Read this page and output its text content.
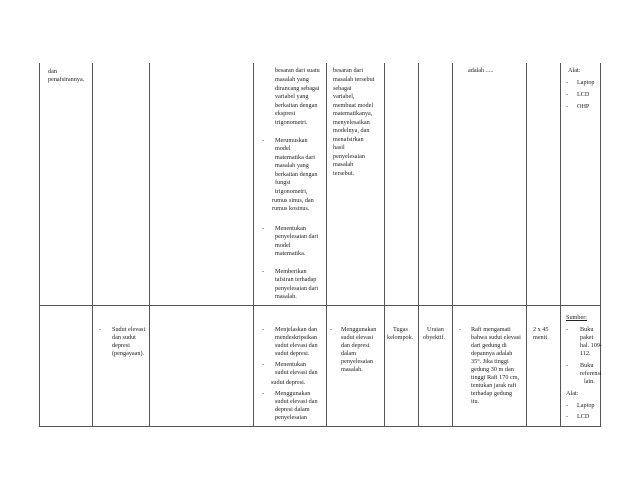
dan
penafsirannya.
besaran dari suatu
masalah yang
dirancang sebagai
variabel yang
berkaitan dengan
ekspresi
trigonometri.
- Merumuskan
model
matematika dari
masalah yang
berkaitan dengan
fungsi
trigonometri,
rumus sinus, dan
rumus kosinus.
- Menentukan
penyelesaian dari
model
matematika.
- Memberikan
tafsiran terhadap
penyelesaian dari
masalah.
besaran dari
masalah tersebut
sebagai
variabel,
membuat model
matematikanya,
menyelesaikan
modelnya, dan
menafsirkan
hasil
penyelesaian
masalah
tersebut.
adalah .....	Alat:
- Laptop
- LCD
- OHP
- Sudut elevasi
dan sudut
depresi
(pengayaan).
- Menjelaskan dan
mendeskripsikan
sudut elevasi dan
sudut depresi.
- Menentukan
sudut elevasi dan
sudut depresi.
- Menggunakan
sudut elevasi dan
depresi dalam
penyelesaian
- Menggunakan
sudut elevasi
dan depresi
dalam
penyelesaian
masalah.
Tugas
kelompok.
Uraian
obyektif.
- Rafi mengamati
bahwa sudut elevasi
dari gedung di
depannya adalah
35°. Jika tinggi
gedung 30 m dan
tinggi Rafi 170 cm,
tentukan jarak rafi
terhadap gedung
itu.
2 x 45
menit
Sumber:
- Buku
paket
hal. 109-
112.
- Buku
referensi
lain.
Alat:
- Laptop
- LCD
